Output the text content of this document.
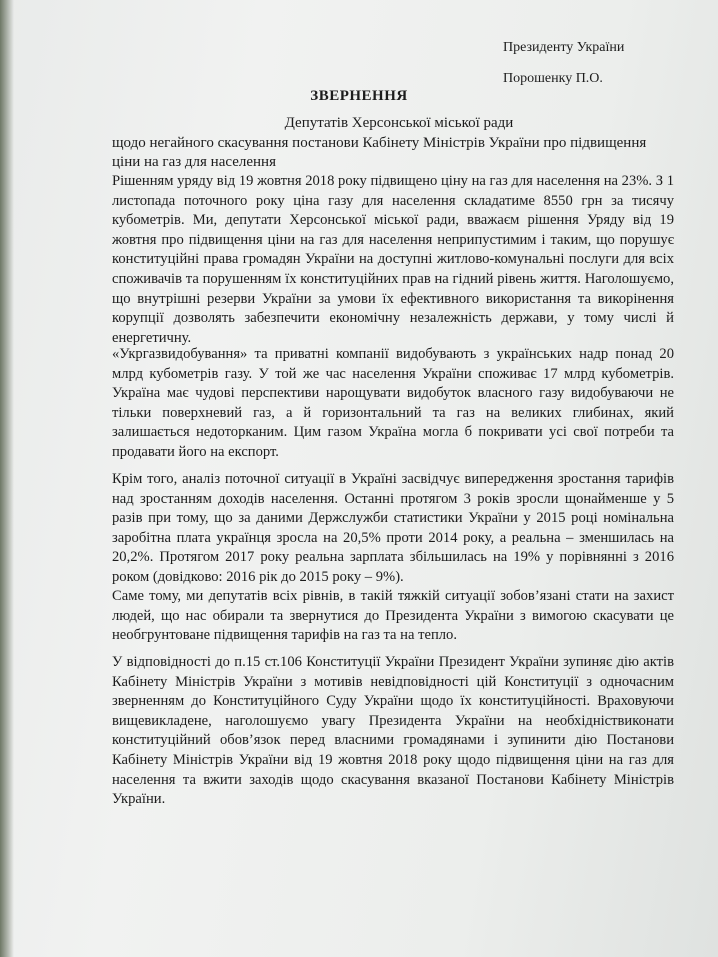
Президенту України
Порошенку П.О.
ЗВЕРНЕННЯ
Депутатів Херсонської міської ради
щодо негайного скасування постанови Кабінету Міністрів України про підвищення ціни на газ для населення
Рішенням уряду від 19 жовтня 2018 року підвищено ціну на газ для населення на 23%. З 1 листопада поточного року ціна газу для населення складатиме 8550 грн за тисячу кубометрів. Ми, депутати Херсонської міської ради, вважаєм рішення Уряду від 19 жовтня про підвищення ціни на газ для населення неприпустимим і таким, що порушує конституційні права громадян України на доступні житлово-комунальні послуги для всіх споживачів та порушенням їх конституційних прав на гідний рівень життя. Наголошуємо, що внутрішні резерви України за умови їх ефективного використання та викорінення корупції дозволять забезпечити економічну незалежність держави, у тому числі й енергетичну.
«Укргазвидобування» та приватні компанії видобувають з українських надр понад 20 млрд кубометрів газу. У той же час населення України споживає 17 млрд кубометрів. Україна має чудові перспективи нарощувати видобуток власного газу видобуваючи не тільки поверхневий газ, а й горизонтальний та газ на великих глибинах, який залишається недоторканим. Цим газом Україна могла б покривати усі свої потреби та продавати його на експорт.
Крім того, аналіз поточної ситуації в Україні засвідчує випередження зростання тарифів над зростанням доходів населення. Останні протягом 3 років зросли щонайменше у 5 разів при тому, що за даними Держслужби статистики України у 2015 році номінальна заробітна плата українця зросла на 20,5% проти 2014 року, а реальна – зменшилась на 20,2%. Протягом 2017 року реальна зарплата збільшилась на 19% у порівнянні з 2016 роком (довідково: 2016 рік до 2015 року – 9%).
Саме тому, ми депутатів всіх рівнів, в такій тяжкій ситуації зобов’язані стати на захист людей, що нас обирали та звернутися до Президента України з вимогою скасувати це необгрунтоване підвищення тарифів на газ та на тепло.
У відповідності до п.15 ст.106 Конституції України Президент України зупиняє дію актів Кабінету Міністрів України з мотивів невідповідності цій Конституції з одночасним зверненням до Конституційного Суду України щодо їх конституційності. Враховуючи вищевикладене, наголошуємо увагу Президента України на необхідніствиконати конституційний обов’язок перед власними громадянами і зупинити дію Постанови Кабінету Міністрів України від 19 жовтня 2018 року щодо підвищення ціни на газ для населення та вжити заходів щодо скасування вказаної Постанови Кабінету Міністрів України.
